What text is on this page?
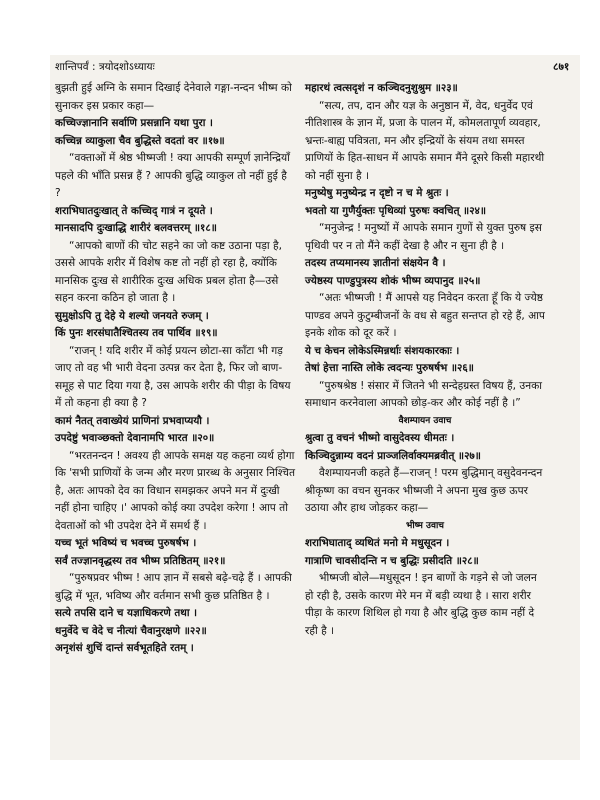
शान्तिपर्वं : त्रयोदशोऽध्यायः	८७१

बुझती हुई अग्नि के समान दिखाई देनेवाले गङ्गा-नन्दन भीष्म को सुनाकर इस प्रकार कहा—

कच्चिज्ज्ञानानि सर्वाणि प्रसन्नानि यथा पुरा ।

कच्चिन्न व्याकुला चैव बुद्धिस्ते वदतां वर ॥१७॥

“वक्ताओं में श्रेष्ठ भीष्मजी ! क्या आपकी सम्पूर्ण ज्ञानेन्द्रियाँ पहले की भाँति प्रसन्न हैं ? आपकी बुद्धि व्याकुल तो नहीं हुई है ?

शराभिघातदुःखात् ते कच्चिद् गात्रं न दूयते ।

मानसादपि दुःखाद्धि शारीरं बलवत्तरम् ॥१८॥

“आपको बाणों की चोट सहने का जो कष्ट उठाना पड़ा है, उससे आपके शरीर में विशेष कष्ट तो नहीं हो रहा है, क्योंकि मानसिक दुःख से शारीरिक दुःख अधिक प्रबल होता है—उसे सहन करना कठिन हो जाता है ।

सुमुक्षोऽपि तु देहे ये शल्यो जनयते रुजम् ।

किं पुनः शरसंघातैश्चितस्य तव पार्थिव ॥१९॥

“राजन् ! यदि शरीर में कोई प्रयत्न छोटा-सा काँटा भी गड़ जाए तो वह भी भारी वेदना उत्पन्न कर देता है, फिर जो बाण-समूह से पाट दिया गया है, उस आपके शरीर की पीड़ा के विषय में तो कहना ही क्या है ?

कामं नैतत् तवाख्येयं प्राणिनां प्रभवाप्ययौ ।

उपदेष्टुं भवाञ्छक्तो देवानामपि भारत ॥२०॥

“भरतनन्दन ! अवश्य ही आपके समक्ष यह कहना व्यर्थ होगा कि 'सभी प्राणियों के जन्म और मरण प्रारब्ध के अनुसार निश्चित है, अतः आपको देव का विधान समझकर अपने मन में दुःखी नहीं होना चाहिए ।' आपको कोई क्या उपदेश करेगा ! आप तो देवताओं को भी उपदेश देने में समर्थ हैं ।

यच्च भूतं भविष्यं च भवच्च पुरुषर्षभ ।

सर्वं तज्ज्ञानवृद्धस्य तव भीष्म प्रतिष्ठितम् ॥२१॥

“पुरुषप्रवर भीष्म ! आप ज्ञान में सबसे बढ़े-चढ़े हैं । आपकी बुद्धि में भूत, भविष्य और वर्तमान सभी कुछ प्रतिष्ठित है ।

सत्ये तपसि दाने च यज्ञाधिकरणे तथा ।

धनुर्वेदे च वेदे च नीत्यां चैवानुरक्षणे ॥२२॥

अनृशंसं शुचिं दान्तं सर्वभूतहिते रतम् ।

महारथं त्वत्सदृशं न कञ्चिदनुशुश्रुम ॥२३॥

“सत्य, तप, दान और यज्ञ के अनुष्ठान में, वेद, धनुर्वेद एवं नीतिशास्त्र के ज्ञान में, प्रजा के पालन में, कोमलतापूर्ण व्यवहार, भ्रन्तः-बाह्य पवित्रता, मन और इन्द्रियों के संयम तथा समस्त प्राणियों के हित-साधन में आपके समान मैंने दूसरे किसी महारथी को नहीं सुना है ।

मनुष्येषु मनुष्येन्द्र न दृष्टो न च मे श्रुतः ।

भवतो या गुणैर्युक्तः पृथिव्यां पुरुषः क्वचित् ॥२४॥

“मनुजेन्द्र ! मनुष्यों में आपके समान गुणों से युक्त पुरुष इस पृथिवी पर न तो मैंने कहीं देखा है और न सुना ही है ।

तदस्य तप्यमानस्य ज्ञातीनां संक्षयेन वै ।

ज्येष्ठस्य पाण्डुपुत्रस्य शोकं भीष्म व्यपानुद ॥२५॥

“अतः भीष्मजी ! मैं आपसे यह निवेदन करता हूँ कि ये ज्येष्ठ पाण्डव अपने कुटुम्बीजनों के वध से बहुत सन्तप्त हो रहे हैं, आप इनके शोक को दूर करें ।

ये च केचन लोकेऽस्मिन्नर्थाः संशयकारकाः ।

तेषां हेत्ता नास्ति लोके त्वदन्यः पुरुषर्षभ ॥२६॥

“पुरुषश्रेष्ठ ! संसार में जितने भी सन्देहग्रस्त विषय हैं, उनका समाधान करनेवाला आपको छोड़-कर और कोई नहीं है ।”

वैशम्पायन उवाच

श्रुत्वा तु वचनं भीष्मो वासुदेवस्य धीमतः ।

किञ्चिदुन्नाम्य वदनं प्राञ्जलिर्वाक्यमब्रवीत् ॥२७॥

वैशम्पायनजी कहते हैं—राजन् ! परम बुद्धिमान् वसुदेवनन्दन श्रीकृष्ण का वचन सुनकर भीष्मजी ने अपना मुख कुछ ऊपर उठाया और हाथ जोड़कर कहा—

भीष्म उवाच

शराभिघाताद् व्यथितं मनो मे मधुसूदन ।

गात्राणि चावसीदन्ति न च बुद्धिः प्रसीदति ॥२८॥

भीष्मजी बोले—मधुसूदन ! इन बाणों के गड़ने से जो जलन हो रही है, उसके कारण मेरे मन में बड़ी व्यथा है । सारा शरीर पीड़ा के कारण शिथिल हो गया है और बुद्धि कुछ काम नहीं दे रही है ।
